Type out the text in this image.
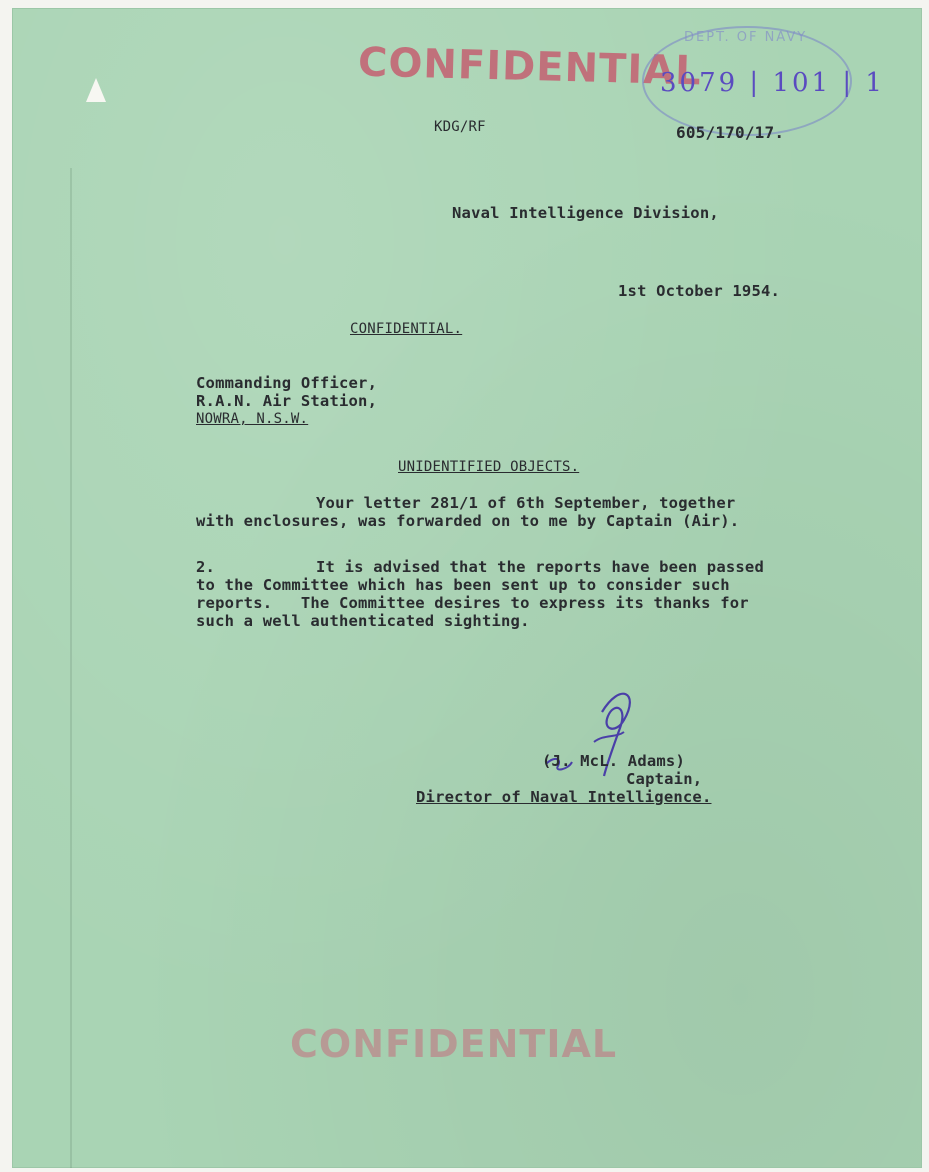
CONFIDENTIAL
KDG/RF
DEPT. OF NAVY
3079 | 101 | 1
605/170/17.
Naval Intelligence Division,
1st October 1954.
CONFIDENTIAL.
Commanding Officer,
R.A.N. Air Station,
NOWRA, N.S.W.
UNIDENTIFIED OBJECTS.
Your letter 281/1 of 6th September, together
with enclosures, was forwarded on to me by Captain (Air).
2.	It is advised that the reports have been passed
to the Committee which has been sent up to consider such
reports.   The Committee desires to express its thanks for
such a well authenticated sighting.
(J. McL. Adams)
Captain,
Director of Naval Intelligence.
CONFIDENTIAL
